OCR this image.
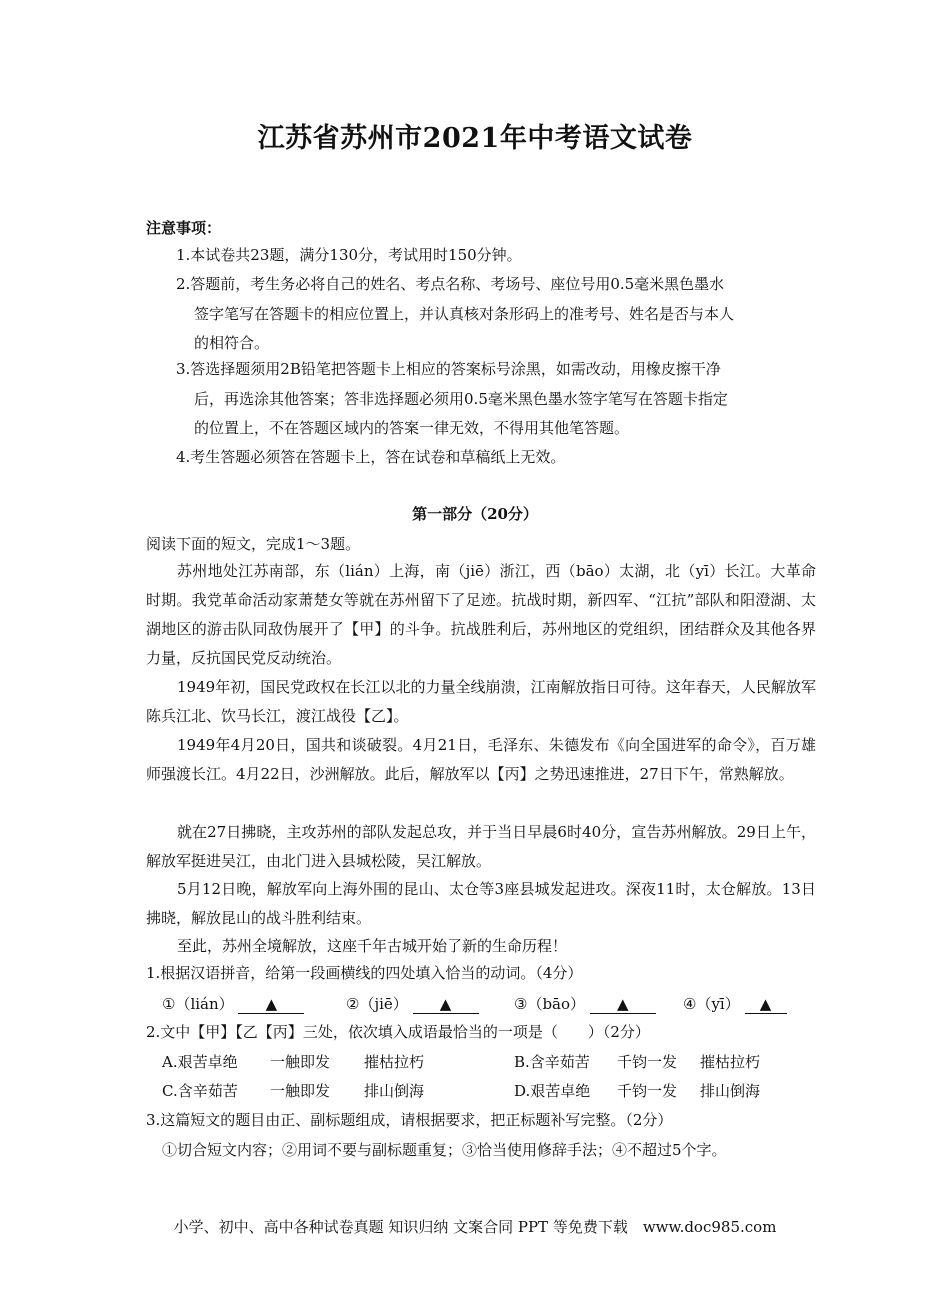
江苏省苏州市2021年中考语文试卷
注意事项：
1.本试卷共23题，满分130分，考试用时150分钟。
2.答题前，考生务必将自己的姓名、考点名称、考场号、座位号用0.5毫米黑色墨水
签字笔写在答题卡的相应位置上，并认真核对条形码上的准考号、姓名是否与本人
的相符合。
3.答选择题须用2B铅笔把答题卡上相应的答案标号涂黑，如需改动，用橡皮擦干净
后，再选涂其他答案；答非选择题必须用0.5毫米黑色墨水签字笔写在答题卡指定
的位置上，不在答题区域内的答案一律无效，不得用其他笔答题。
4.考生答题必须答在答题卡上，答在试卷和草稿纸上无效。
第一部分（20分）
阅读下面的短文，完成1～3题。
苏州地处江苏南部，东（lián）上海，南（jiē）浙江，西（bāo）太湖，北（yī）长江。大革命时期。我党革命活动家萧楚女等就在苏州留下了足迹。抗战时期，新四军、“江抗”部队和阳澄湖、太湖地区的游击队同敌伪展开了【甲】的斗争。抗战胜利后，苏州地区的党组织，团结群众及其他各界力量，反抗国民党反动统治。
1949年初，国民党政权在长江以北的力量全线崩溃，江南解放指日可待。这年春天，人民解放军陈兵江北、饮马长江，渡江战役【乙】。
1949年4月20日，国共和谈破裂。4月21日，毛泽东、朱德发布《向全国进军的命令》，百万雄师强渡长江。4月22日，沙洲解放。此后，解放军以【丙】之势迅速推进，27日下午，常熟解放。
就在27日拂晓，主攻苏州的部队发起总攻，并于当日早晨6时40分，宣告苏州解放。29日上午，解放军挺进吴江，由北门进入县城松陵，吴江解放。
5月12日晚，解放军向上海外围的昆山、太仓等3座县城发起进攻。深夜11时，太仓解放。13日拂晓，解放昆山的战斗胜利结束。
至此，苏州全境解放，这座千年古城开始了新的生命历程！
1.根据汉语拼音，给第一段画横线的四处填入恰当的动词。（4分）
①（lián） ▲	②（jiē） ▲	③（bāo） ▲	④（yī） ▲
2.文中【甲】【乙【丙】三处，依次填入成语最恰当的一项是（　　）（2分）
A.艰苦卓绝 一触即发 摧枯拉朽	B.含辛茹苦 千钧一发 摧枯拉朽
C.含辛茹苦 一触即发 排山倒海	D.艰苦卓绝 千钧一发 排山倒海
3.这篇短文的题目由正、副标题组成，请根据要求，把正标题补写完整。（2分）
①切合短文内容；②用词不要与副标题重复；③恰当使用修辞手法；④不超过5个字。
小学、初中、高中各种试卷真题 知识归纳 文案合同 PPT 等免费下载　www.doc985.com
